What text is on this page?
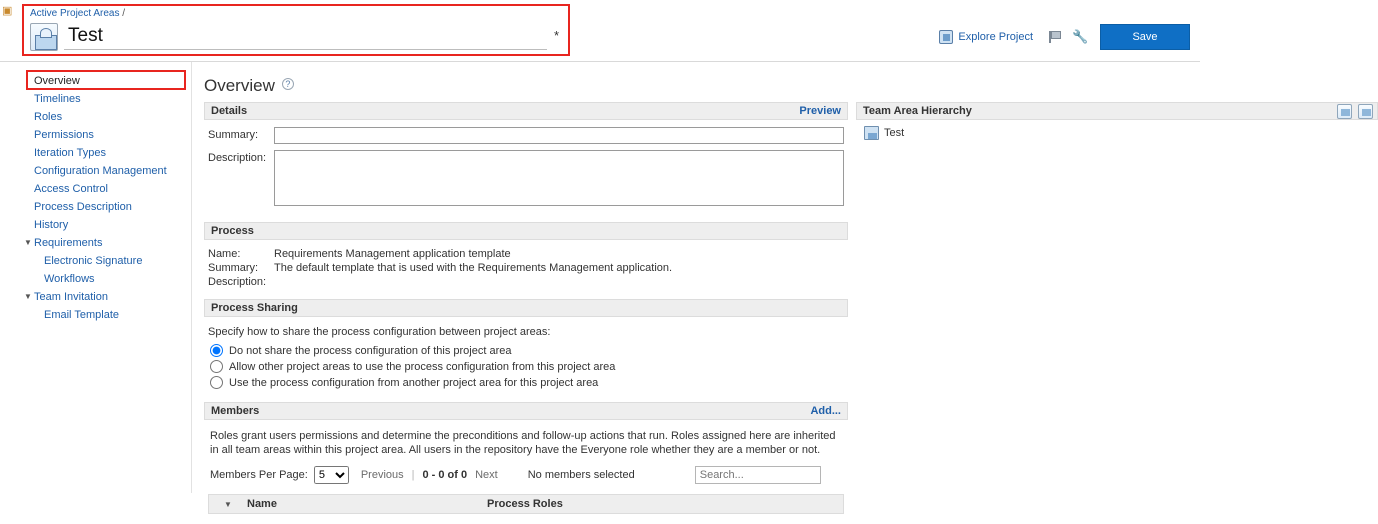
▣	Active Project Areas /
Test
*	Explore Project	🔧	Save
Overview
Timelines
Roles
Permissions
Iteration Types
Configuration Management
Access Control
Process Description
History
▼ Requirements
Electronic Signature
Workflows
▼ Team Invitation
Email Template
Overview ?
Details	Preview
Summary:
Description:
Process
Name:	Requirements Management application template
Summary:	The default template that is used with the Requirements Management application.
Description:
Process Sharing
Specify how to share the process configuration between project areas:
Do not share the process configuration of this project area
Allow other project areas to use the process configuration from this project area
Use the process configuration from another project area for this project area
Members	Add...
Roles grant users permissions and determine the preconditions and follow-up actions that run. Roles assigned here are inherited in all team areas within this project area. All users in the repository have the Everyone role whether they are a member or not.
Members Per Page:
5	Previous | 0 - 0 of 0 Next	No members selected
Search...
▼	Name	Process Roles
Team Area Hierarchy
Test
